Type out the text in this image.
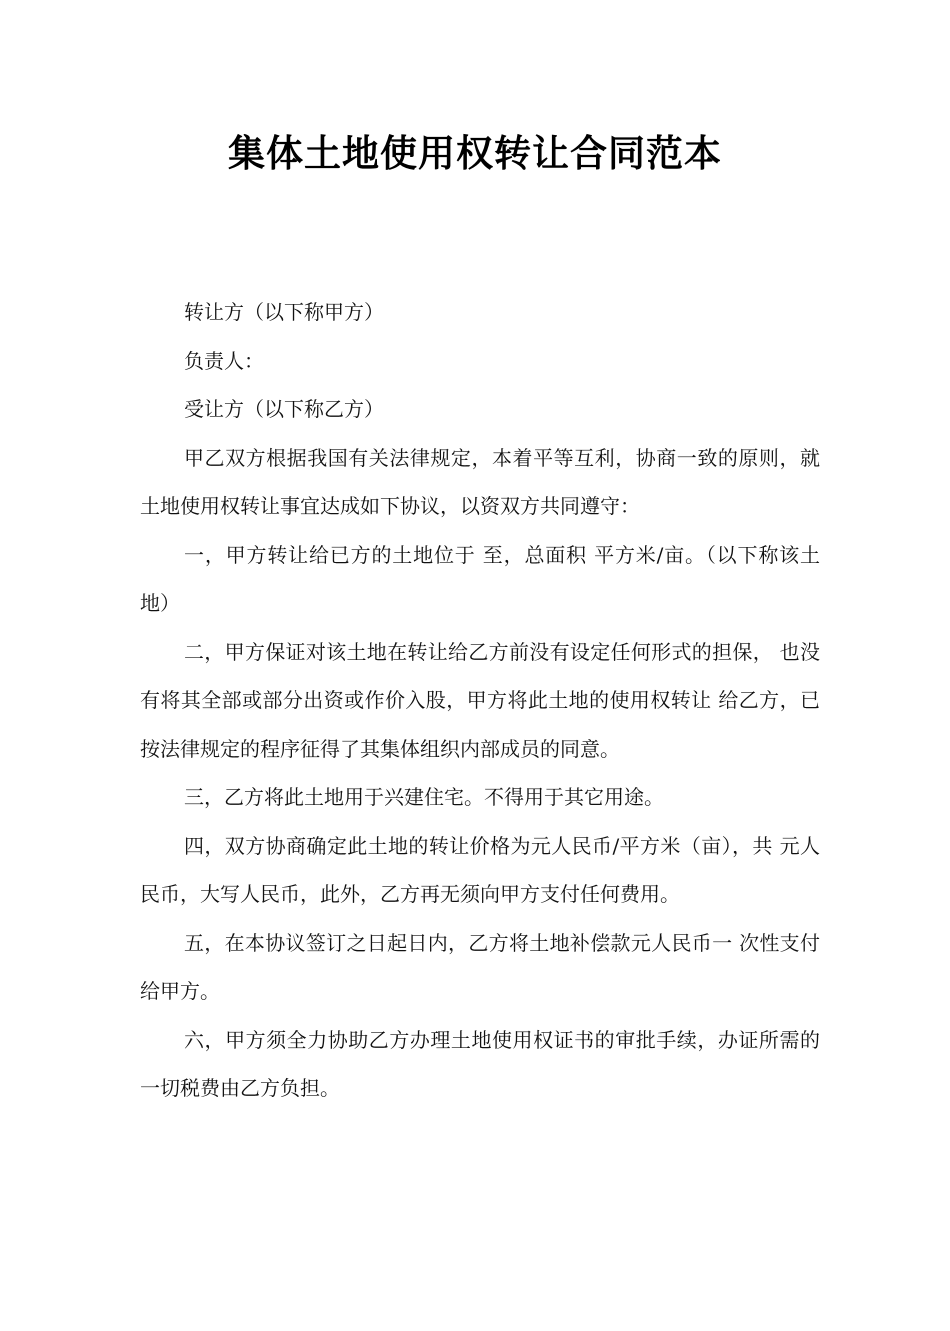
集体土地使用权转让合同范本

转让方（以下称甲方）

负责人：

受让方（以下称乙方）

甲乙双方根据我国有关法律规定，本着平等互利，协商一致的原则，就土地使用权转让事宜达成如下协议，以资双方共同遵守：

一，甲方转让给已方的土地位于 至，总面积 平方米/亩。（以下称该土地）

二，甲方保证对该土地在转让给乙方前没有设定任何形式的担保， 也没有将其全部或部分出资或作价入股，甲方将此土地的使用权转让 给乙方，已按法律规定的程序征得了其集体组织内部成员的同意。

三，乙方将此土地用于兴建住宅。不得用于其它用途。

四，双方协商确定此土地的转让价格为元人民币/平方米（亩），共 元人民币，大写人民币，此外，乙方再无须向甲方支付任何费用。

五，在本协议签订之日起日内，乙方将土地补偿款元人民币一 次性支付给甲方。

六，甲方须全力协助乙方办理土地使用权证书的审批手续，办证所需的一切税费由乙方负担。
